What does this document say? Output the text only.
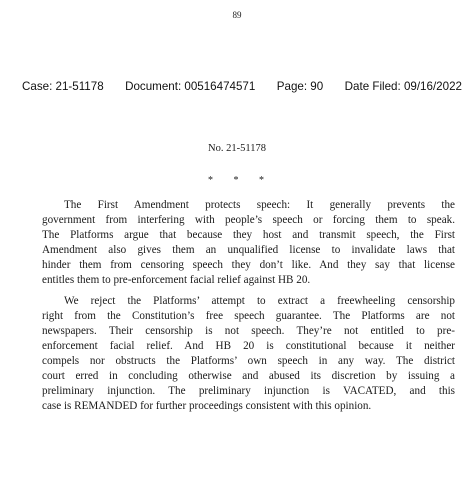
89
Case: 21-51178 Document: 00516474571 Page: 90 Date Filed: 09/16/2022
No. 21-51178
* * *
The First Amendment protects speech: It generally prevents the
government from interfering with people’s speech or forcing them to speak.
The Platforms argue that because they host and transmit speech, the First
Amendment also gives them an unqualified license to invalidate laws that
hinder them from censoring speech they don’t like. And they say that license
entitles them to pre-enforcement facial relief against HB 20.
We reject the Platforms’ attempt to extract a freewheeling censorship
right from the Constitution’s free speech guarantee. The Platforms are not
newspapers. Their censorship is not speech. They’re not entitled to pre-
enforcement facial relief. And HB 20 is constitutional because it neither
compels nor obstructs the Platforms’ own speech in any way. The district
court erred in concluding otherwise and abused its discretion by issuing a
preliminary injunction. The preliminary injunction is VACATED, and this
case is REMANDED for further proceedings consistent with this opinion.
